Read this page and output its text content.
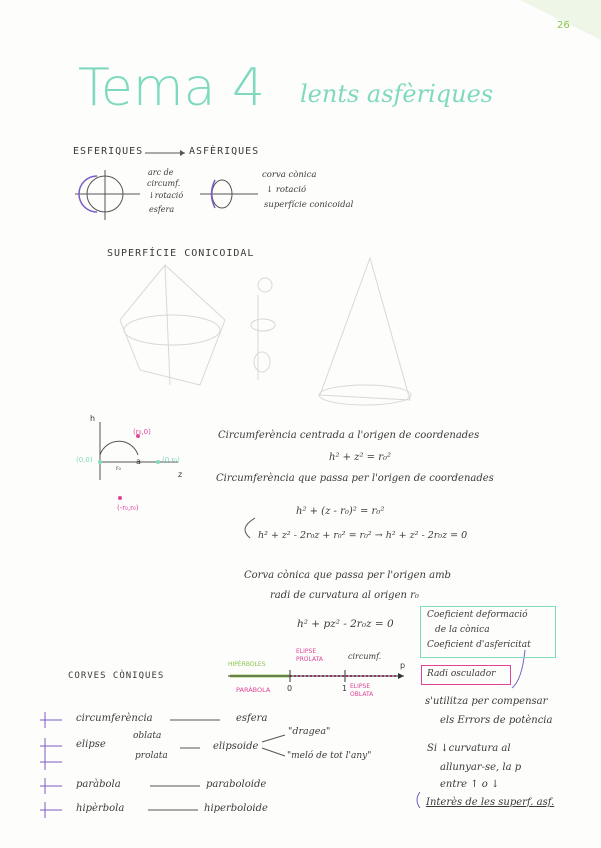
26
Tema 4 lents asfèriques
ESFERIQUES	ASFÈRIQUES
arc de
circumf.
↓rotació
esfera
corva cònica
↓ rotació
superfície conicoidal
SUPERFÍCIE CONICOIDAL
h
z
(r₀,0)
(0,0)	(0,r₀)
(-r₀,r₀)
a
r₀
Circumferència centrada a l'origen de coordenades
h² + z² = r₀²
Circumferència que passa per l'origen de coordenades
h² + (z - r₀)² = r₀²
h² + z² - 2r₀z + r₀² = r₀² → h² + z² - 2r₀z = 0
Corva cònica que passa per l'origen amb
radi de curvatura al origen r₀
h² + pz² - 2r₀z = 0
Coeficient deformació
de la cònica
Coeficient d'asfericitat
Radi osculador
CORVES CÒNIQUES
HIPÈRBOLES
PARÀBOLA 0
ELIPSE PROLATA
1
circumf.
ELIPSE OBLATA
p
circumferència	esfera
elipse
oblata
prolata
elipsoide
"dragea"
"meló de tot l'any"
paràbola	paraboloide
hipèrbola	hiperboloide
s'utilitza per compensar
els Errors de potència
Si ↓curvatura al
allunyar-se, la p
entre ↑ o ↓
Interès de les superf. asf.
